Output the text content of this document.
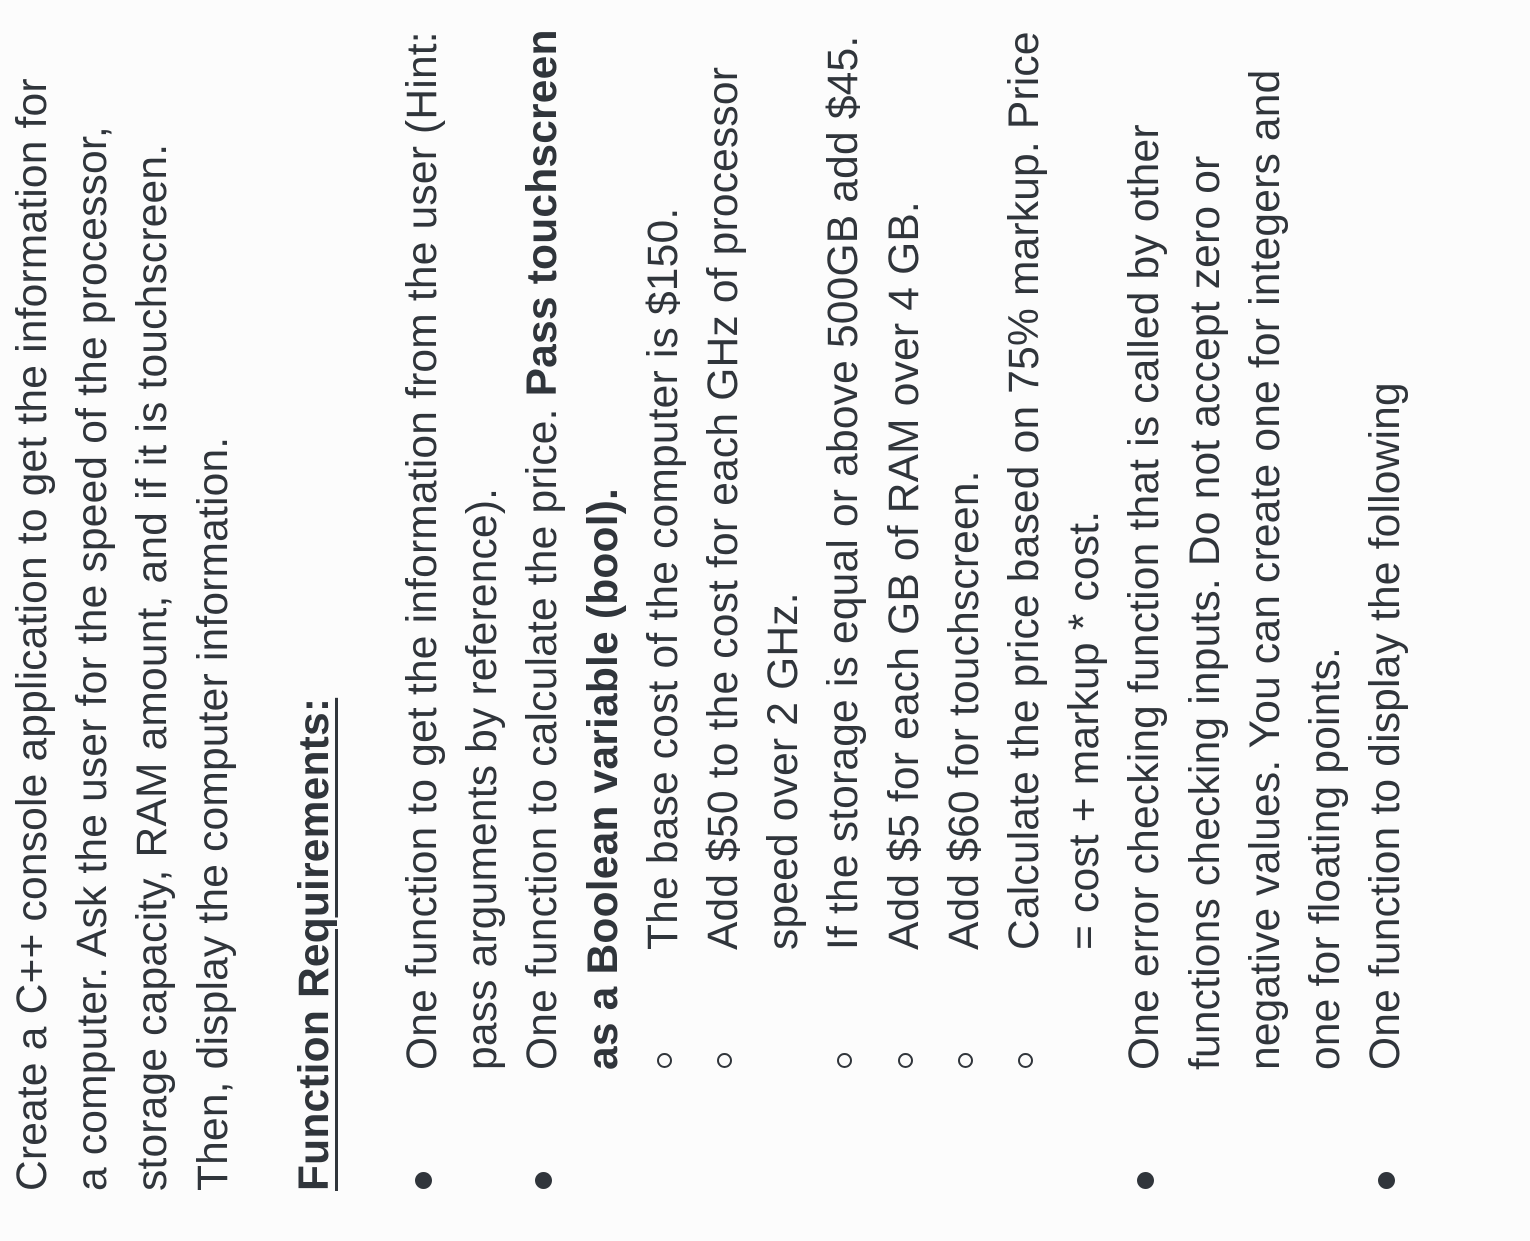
Create a C++ console application to get the information for a computer. Ask the user for the speed of the processor, storage capacity, RAM amount, and if it is touchscreen. Then, display the computer information. Function Requirements: One function to get the information from the user (Hint: pass arguments by reference). One function to calculate the price. Pass touchscreen as a Boolean variable (bool). The base cost of the computer is $150. Add $50 to the cost for each GHz of processor speed over 2 GHz. If the storage is equal or above 500GB add $45. Add $5 for each GB of RAM over 4 GB. Add $60 for touchscreen. Calculate the price based on 75% markup. Price = cost + markup * cost. One error checking function that is called by other functions checking inputs. Do not accept zero or negative values. You can create one for integers and one for floating points. One function to display the following
